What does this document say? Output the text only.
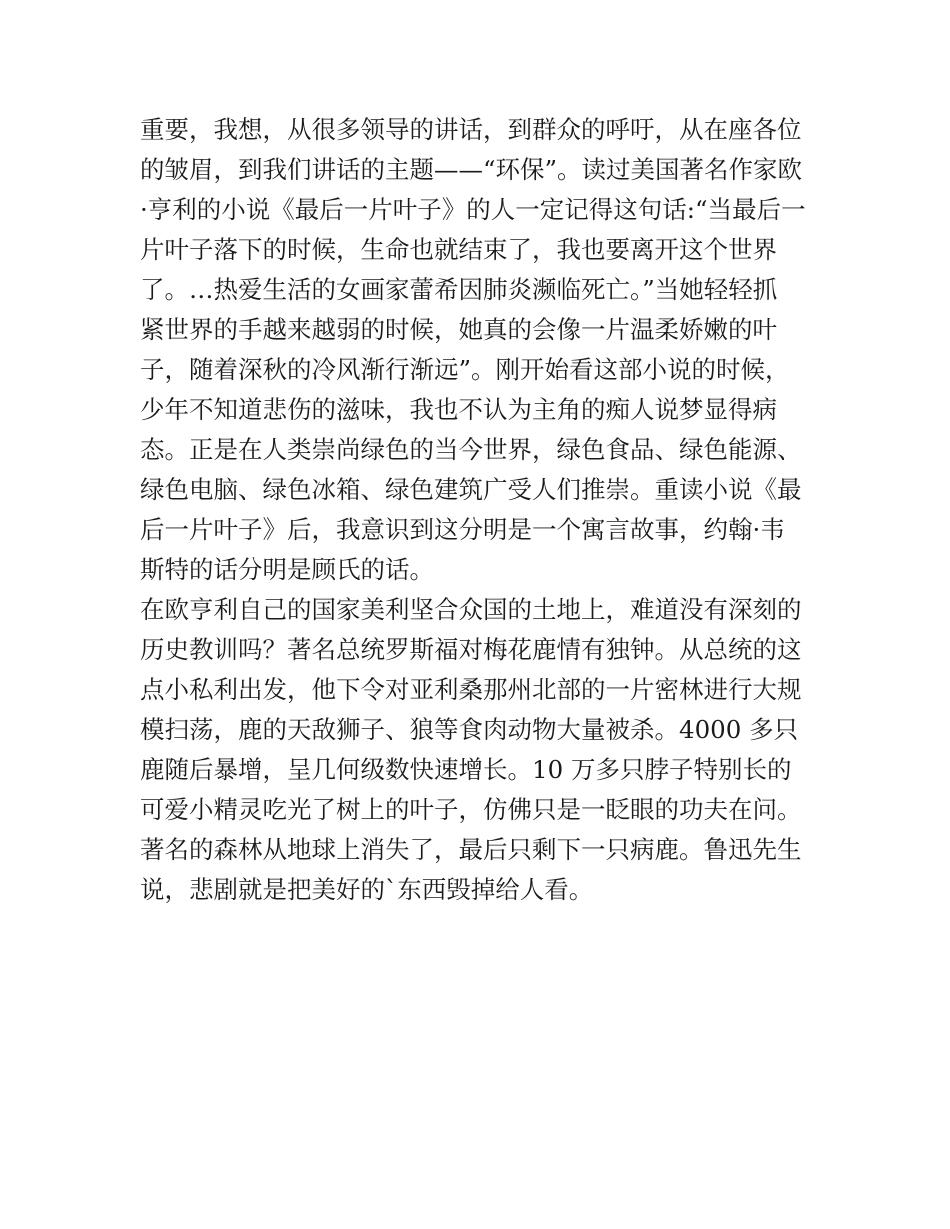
重要，我想，从很多领导的讲话，到群众的呼吁，从在座各位
的皱眉，到我们讲话的主题——“环保”。读过美国著名作家欧
·亨利的小说《最后一片叶子》的人一定记得这句话:“当最后一
片叶子落下的时候，生命也就结束了，我也要离开这个世界
了。…热爱生活的女画家蕾希因肺炎濒临死亡。”当她轻轻抓
紧世界的手越来越弱的时候，她真的会像一片温柔娇嫩的叶
子，随着深秋的冷风渐行渐远”。刚开始看这部小说的时候，
少年不知道悲伤的滋味，我也不认为主角的痴人说梦显得病
态。正是在人类崇尚绿色的当今世界，绿色食品、绿色能源、
绿色电脑、绿色冰箱、绿色建筑广受人们推崇。重读小说《最
后一片叶子》后，我意识到这分明是一个寓言故事，约翰·韦
斯特的话分明是顾氏的话。
在欧亨利自己的国家美利坚合众国的土地上，难道没有深刻的
历史教训吗？著名总统罗斯福对梅花鹿情有独钟。从总统的这
点小私利出发，他下令对亚利桑那州北部的一片密林进行大规
模扫荡，鹿的天敌狮子、狼等食肉动物大量被杀。4000 多只
鹿随后暴增，呈几何级数快速增长。10 万多只脖子特别长的
可爱小精灵吃光了树上的叶子，仿佛只是一眨眼的功夫在问。
著名的森林从地球上消失了，最后只剩下一只病鹿。鲁迅先生
说，悲剧就是把美好的`东西毁掉给人看。
